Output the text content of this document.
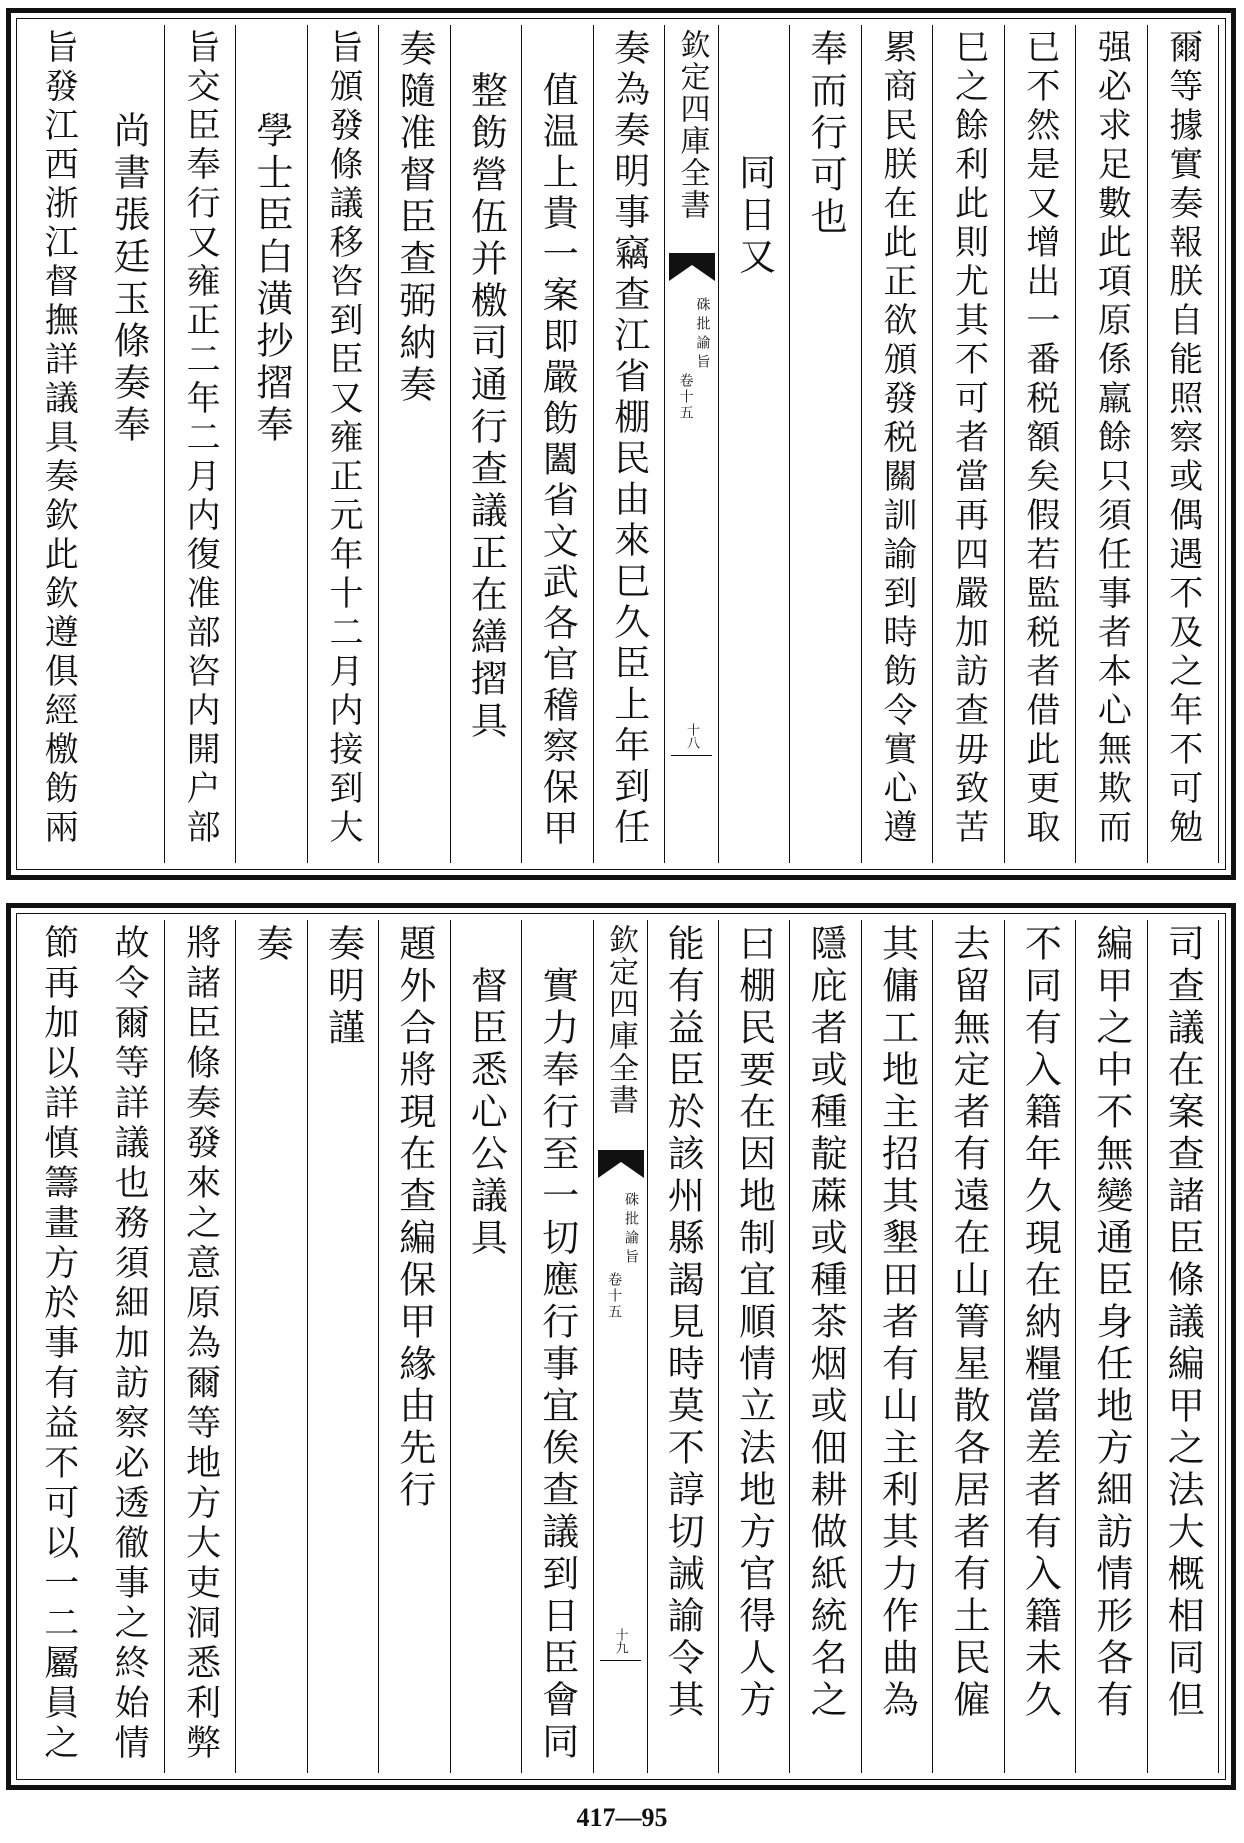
爾等據實奏報朕自能照察或偶遇不及之年不可勉
强必求足數此項原係羸餘只須任事者本心無欺而
已不然是又增出一番税額矣假若監税者借此更取
巳之餘利此則尤其不可者當再四嚴加訪查毋致苦
累商民朕在此正欲頒發税關訓諭到時飭令實心遵
奉而行可也
同日又
欽定四庫全書
硃批諭旨
卷十五
十八
奏為奏明事竊查江省棚民由來巳久臣上年到任
值温上貴一案即嚴飭闔省文武各官稽察保甲
整飭營伍并檄司通行查議正在繕摺具
奏隨准督臣查弼納奏
旨頒發條議移咨到臣又雍正元年十二月内接到大
學士臣白潢抄摺奉
旨交臣奉行又雍正二年二月内復准部咨内開户部
尚書張廷玉條奏奉
旨發江西浙江督撫詳議具奏欽此欽遵俱經檄飭兩
司查議在案查諸臣條議編甲之法大概相同但
編甲之中不無變通臣身任地方細訪情形各有
不同有入籍年久現在納糧當差者有入籍未久
去留無定者有遠在山箐星散各居者有土民僱
其傭工地主招其墾田者有山主利其力作曲為
隱庇者或種靛蔴或種茶烟或佃耕做紙統名之
曰棚民要在因地制宜順情立法地方官得人方
能有益臣於該州縣謁見時莫不諄切誡諭令其
欽定四庫全書
硃批諭旨
卷十五
十九
實力奉行至一切應行事宜俟查議到日臣會同
督臣悉心公議具
題外合將現在查編保甲緣由先行
奏明謹
奏
將諸臣條奏發來之意原為爾等地方大吏洞悉利弊
故令爾等詳議也務須細加訪察必透徹事之終始情
節再加以詳慎籌畫方於事有益不可以一二屬員之
417—95
